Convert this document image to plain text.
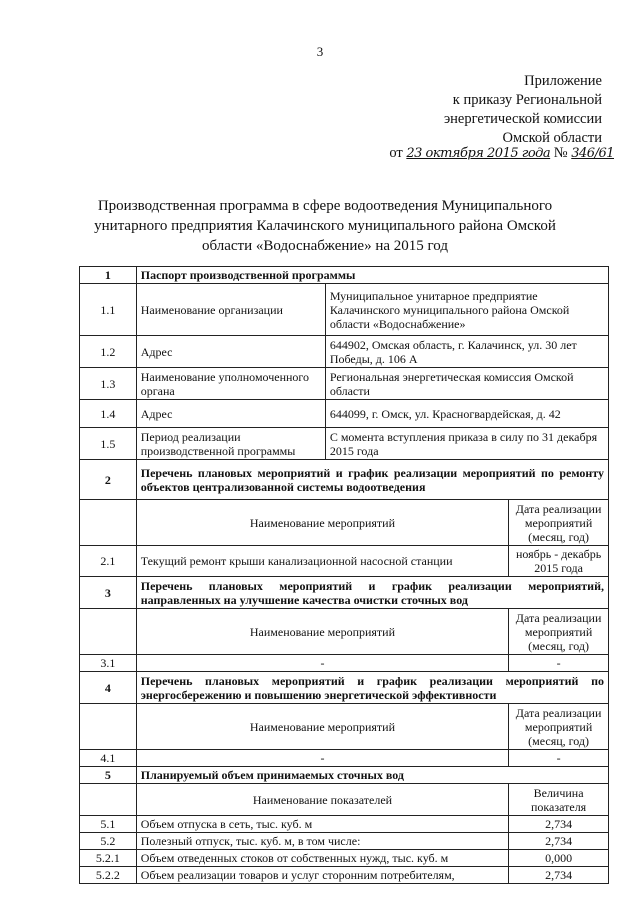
3
Приложение
к приказу Региональной
энергетической комиссии
Омской области
от 23 октября 2015 года № 346/61
Производственная программа в сфере водоотведения Муниципального унитарного предприятия Калачинского муниципального района Омской области «Водоснабжение» на 2015 год
1	Паспорт производственной программы		
1.1	Наименование организации	Муниципальное унитарное предприятие Калачинского муниципального района Омской области «Водоснабжение»	
1.2	Адрес	644902, Омская область, г. Калачинск, ул. 30 лет Победы, д. 106 А	
1.3	Наименование уполномоченного органа	Региональная энергетическая комиссия Омской области	
1.4	Адрес	644099, г. Омск, ул. Красногвардейская, д. 42	
1.5	Период реализации производственной программы	С момента вступления приказа в силу по 31 декабря 2015 года	
2	Перечень плановых мероприятий и график реализации мероприятий по ремонту объектов централизованной системы водоотведения		
	Наименование мероприятий		Дата реализации мероприятий (месяц, год)
2.1	Текущий ремонт крыши канализационной насосной станции		ноябрь - декабрь 2015 года
3	Перечень плановых мероприятий и график реализации мероприятий, направленных на улучшение качества очистки сточных вод		
	Наименование мероприятий		Дата реализации мероприятий (месяц, год)
3.1	-		-
4	Перечень плановых мероприятий и график реализации мероприятий по энергосбережению и повышению энергетической эффективности		
	Наименование мероприятий		Дата реализации мероприятий (месяц, год)
4.1	-		-
5	Планируемый объем принимаемых сточных вод		
	Наименование показателей		Величина показателя
5.1	Объем отпуска в сеть, тыс. куб. м		2,734
5.2	Полезный отпуск, тыс. куб. м, в том числе:		2,734
5.2.1	Объем отведенных стоков от собственных нужд, тыс. куб. м		0,000
5.2.2	Объем реализации товаров и услуг сторонним потребителям,		2,734
